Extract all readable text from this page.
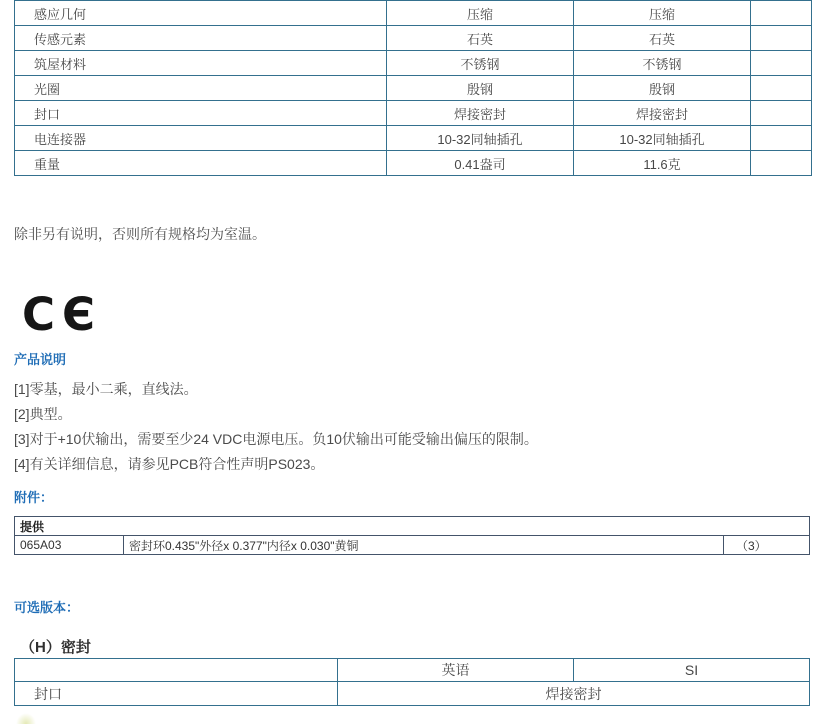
感应几何	压缩	压缩	
传感元素	石英	石英	
筑屋材料	不锈钢	不锈钢	
光圈	殷钢	殷钢	
封口	焊接密封	焊接密封	
电连接器	10-32同轴插孔	10-32同轴插孔	
重量	0.41盎司	11.6克	
除非另有说明，否则所有规格均为室温。
CЄ
产品说明
[1]零基，最小二乘，直线法。
[2]典型。
[3]对于+10伏输出，需要至少24 VDC电源电压。负10伏输出可能受输出偏压的限制。
[4]有关详细信息，请参见PCB符合性声明PS023。
附件：
提供
065A03	密封环0.435"外径x 0.377"内径x 0.030"黄铜	（3）
可选版本：
（H）密封
	英语	SI
封口	焊接密封	
